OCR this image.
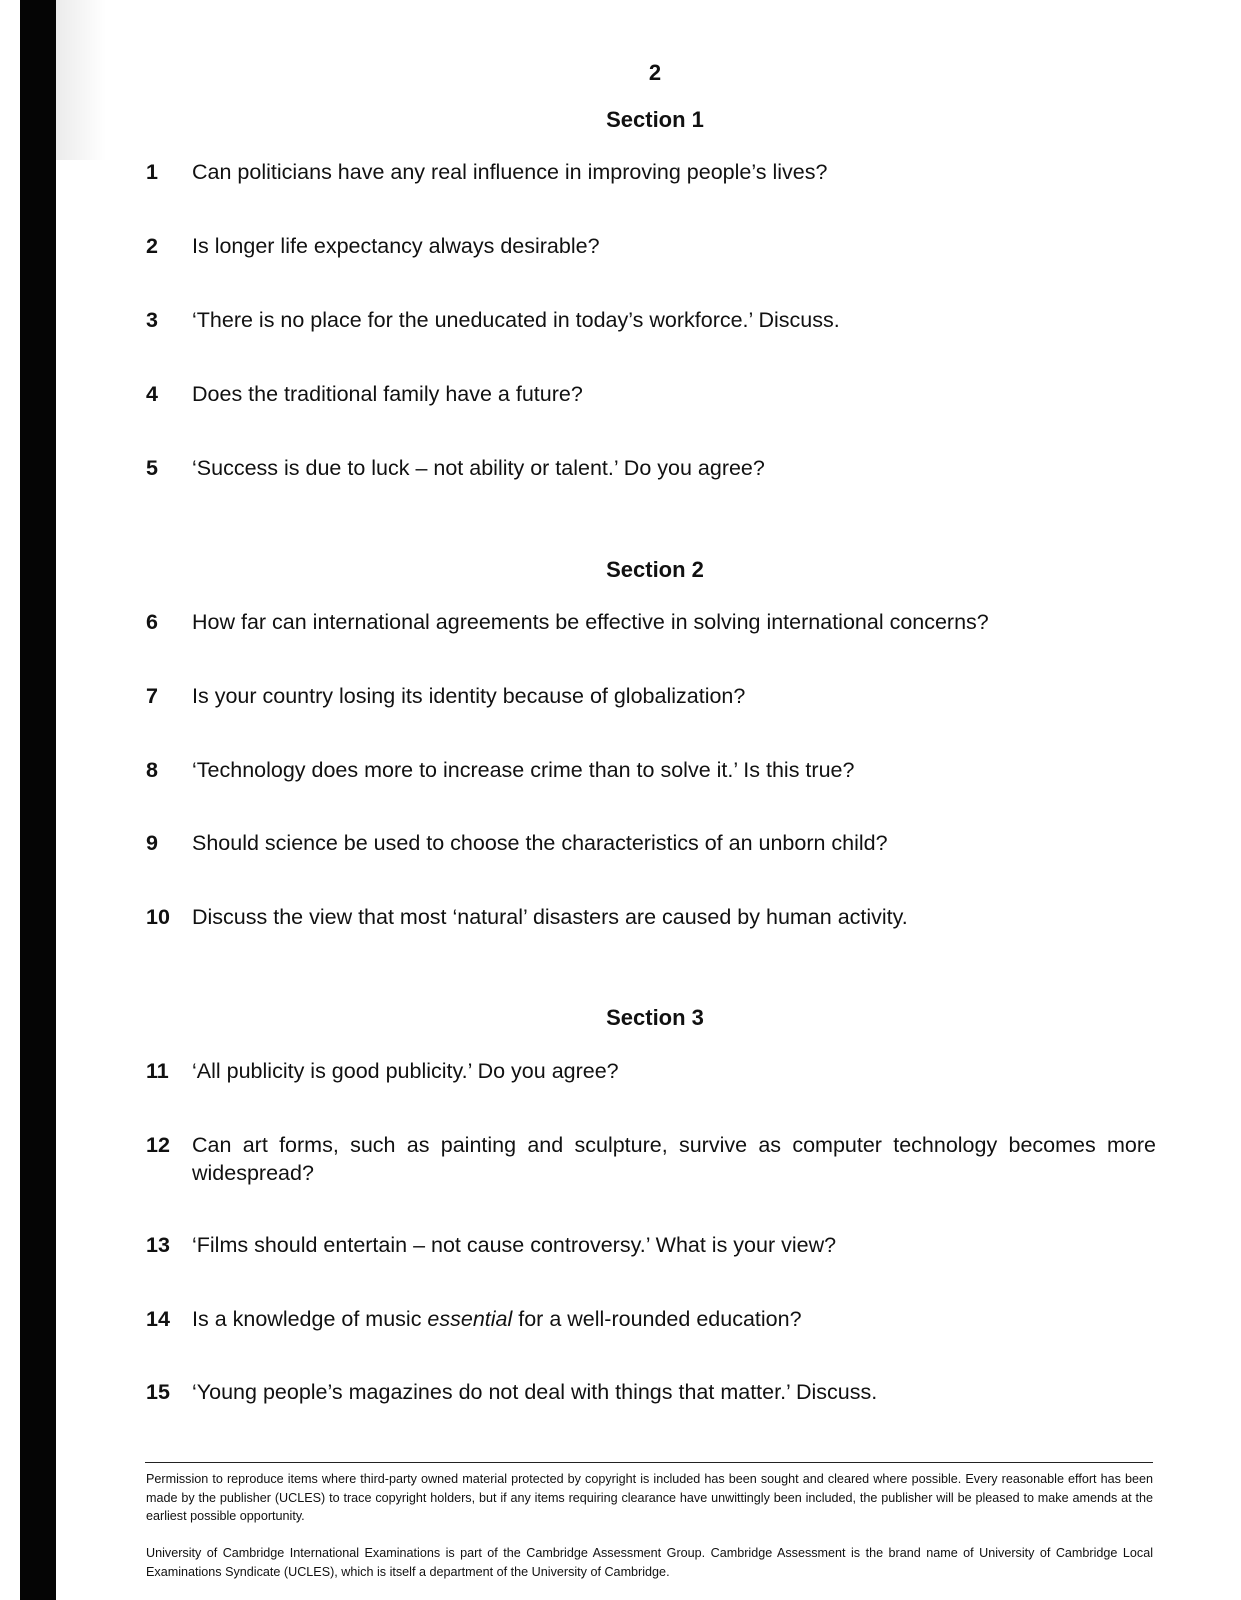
2
Section 1
1	Can politicians have any real influence in improving people’s lives?
2	Is longer life expectancy always desirable?
3	‘There is no place for the uneducated in today’s workforce.’ Discuss.
4	Does the traditional family have a future?
5	‘Success is due to luck – not ability or talent.’ Do you agree?
Section 2
6	How far can international agreements be effective in solving international concerns?
7	Is your country losing its identity because of globalization?
8	‘Technology does more to increase crime than to solve it.’ Is this true?
9	Should science be used to choose the characteristics of an unborn child?
10	Discuss the view that most ‘natural’ disasters are caused by human activity.
Section 3
11	‘All publicity is good publicity.’ Do you agree?
12	Can art forms, such as painting and sculpture, survive as computer technology becomes more widespread?
13	‘Films should entertain – not cause controversy.’ What is your view?
14	Is a knowledge of music essential for a well-rounded education?
15	‘Young people’s magazines do not deal with things that matter.’ Discuss.
Permission to reproduce items where third-party owned material protected by copyright is included has been sought and cleared where possible. Every reasonable effort has been made by the publisher (UCLES) to trace copyright holders, but if any items requiring clearance have unwittingly been included, the publisher will be pleased to make amends at the earliest possible opportunity.
University of Cambridge International Examinations is part of the Cambridge Assessment Group. Cambridge Assessment is the brand name of University of Cambridge Local Examinations Syndicate (UCLES), which is itself a department of the University of Cambridge.
